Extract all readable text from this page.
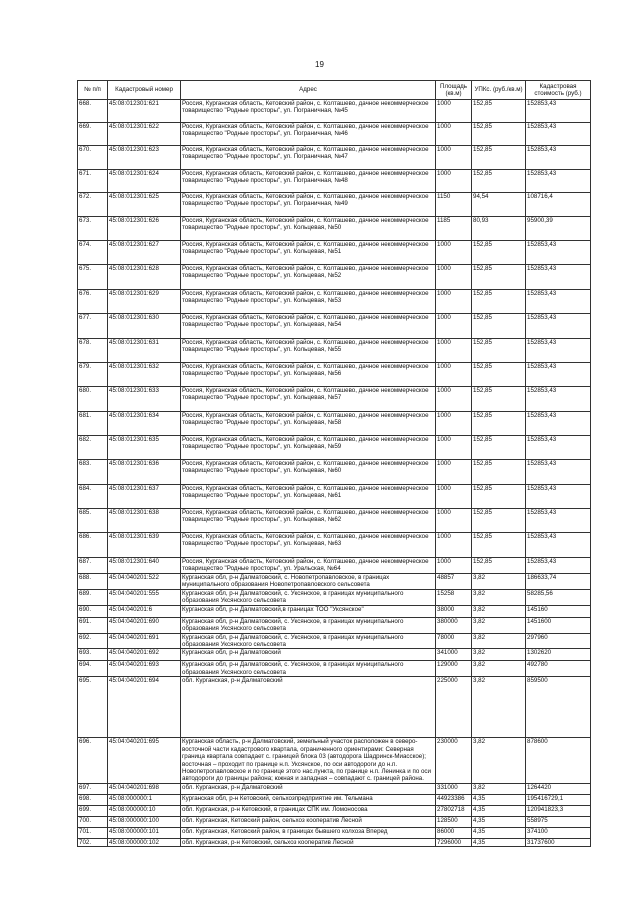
19
№ п/п	Кадастровый номер	Адрес	Площадь (кв.м)	УПКс. (руб./кв.м)	Кадастровая стоимость (руб.)
668.	45:08:012301:621	Россия, Курганская область, Кетовский район, с. Колташево, дачное некоммерческое товарищество "Родные просторы", ул. Пограничная, №45	1000	152,85	152853,43
669.	45:08:012301:622	Россия, Курганская область, Кетовский район, с. Колташево, дачное некоммерческое товарищество "Родные просторы", ул. Пограничная, №46	1000	152,85	152853,43
670.	45:08:012301:623	Россия, Курганская область, Кетовский район, с. Колташево, дачное некоммерческое товарищество "Родные просторы", ул. Пограничная, №47	1000	152,85	152853,43
671.	45:08:012301:624	Россия, Курганская область, Кетовский район, с. Колташево, дачное некоммерческое товарищество "Родные просторы", ул. Пограничная, №48	1000	152,85	152853,43
672.	45:08:012301:625	Россия, Курганская область, Кетовский район, с. Колташево, дачное некоммерческое товарищество "Родные просторы", ул. Пограничная, №49	1150	94,54	108716,4
673.	45:08:012301:626	Россия, Курганская область, Кетовский район, с. Колташево, дачное некоммерческое товарищество "Родные просторы", ул. Кольцевая, №50	1185	80,93	95900,39
674.	45:08:012301:627	Россия, Курганская область, Кетовский район, с. Колташево, дачное некоммерческое товарищество "Родные просторы", ул. Кольцевая, №51	1000	152,85	152853,43
675.	45:08:012301:628	Россия, Курганская область, Кетовский район, с. Колташево, дачное некоммерческое товарищество "Родные просторы", ул. Кольцевая, №52	1000	152,85	152853,43
676.	45:08:012301:629	Россия, Курганская область, Кетовский район, с. Колташево, дачное некоммерческое товарищество "Родные просторы", ул. Кольцевая, №53	1000	152,85	152853,43
677.	45:08:012301:630	Россия, Курганская область, Кетовский район, с. Колташево, дачное некоммерческое товарищество "Родные просторы", ул. Кольцевая, №54	1000	152,85	152853,43
678.	45:08:012301:631	Россия, Курганская область, Кетовский район, с. Колташево, дачное некоммерческое товарищество "Родные просторы", ул. Кольцевая, №55	1000	152,85	152853,43
679.	45:08:012301:632	Россия, Курганская область, Кетовский район, с. Колташево, дачное некоммерческое товарищество "Родные просторы", ул. Кольцевая, №56	1000	152,85	152853,43
680.	45:08:012301:633	Россия, Курганская область, Кетовский район, с. Колташево, дачное некоммерческое товарищество "Родные просторы", ул. Кольцевая, №57	1000	152,85	152853,43
681.	45:08:012301:634	Россия, Курганская область, Кетовский район, с. Колташево, дачное некоммерческое товарищество "Родные просторы", ул. Кольцевая, №58	1000	152,85	152853,43
682.	45:08:012301:635	Россия, Курганская область, Кетовский район, с. Колташево, дачное некоммерческое товарищество "Родные просторы", ул. Кольцевая, №59	1000	152,85	152853,43
683.	45:08:012301:636	Россия, Курганская область, Кетовский район, с. Колташево, дачное некоммерческое товарищество "Родные просторы", ул. Кольцевая, №60	1000	152,85	152853,43
684.	45:08:012301:637	Россия, Курганская область, Кетовский район, с. Колташево, дачное некоммерческое товарищество "Родные просторы", ул. Кольцевая, №61	1000	152,85	152853,43
685.	45:08:012301:638	Россия, Курганская область, Кетовский район, с. Колташево, дачное некоммерческое товарищество "Родные просторы", ул. Кольцевая, №62	1000	152,85	152853,43
686.	45:08:012301:639	Россия, Курганская область, Кетовский район, с. Колташево, дачное некоммерческое товарищество "Родные просторы", ул. Кольцевая, №63	1000	152,85	152853,43
687.	45:08:012301:640	Россия, Курганская область, Кетовский район, с. Колташево, дачное некоммерческое товарищество "Родные просторы", ул. Уральская, №64	1000	152,85	152853,43
688.	45:04:040201:522	Курганская обл, р-н Далматовский, с. Новопетропавловское, в границах муниципального образования Новопетропавловского сельсовета	48857	3,82	186633,74
689.	45:04:040201:555	Курганская обл, р-н Далматовский, с. Уксянское, в границах муниципального образования Уксянского сельсовета	15258	3,82	58285,56
690.	45:04:040201:6	Курганская обл, р-н Далматовский,в границах ТОО "Уксянское"	38000	3,82	145160
691.	45:04:040201:690	Курганская обл, р-н Далматовский, с. Уксянское, в границах муниципального образования Уксянского сельсовета	380000	3,82	1451600
692.	45:04:040201:691	Курганская обл, р-н Далматовский, с. Уксянское, в границах муниципального образования Уксянского сельсовета	78000	3,82	297960
693.	45:04:040201:692	Курганская обл, р-н Далматовский	341000	3,82	1302620
694.	45:04:040201:693	Курганская обл, р-н Далматовский, с. Уксянское, в границах муниципального образования Уксянского сельсовета	129000	3,82	492780
695.	45:04:040201:694	обл. Курганская, р-н Далматовский	225000	3,82	859500
696.	45:04:040201:695	Курганская область, р-н Далматовский, земельный участок расположен в северо-восточной части кадастрового квартала, ограниченного ориентирами: Северная граница квартала совпадает с. границей блока 03 (автодорога Шадринск-Миасское); восточная – проходит по границе н.п. Уксянское, по оси автодороги до н.п. Новопетропавловское и по границе этого нас.пункта, по границе н.п. Ленинка и по оси автодороги до границы района; южная и западная – совпадают с. границей района.	230000	3,82	878600
697.	45:04:040201:698	обл. Курганская, р-н Далматовский	331000	3,82	1264420
698.	45:08:000000:1	Курганская обл, р-н Кетовский, сельхозпредприятие им. Тельмана	44923386	4,35	195416729,1
699.	45:08:000000:10	обл. Курганская, р-н Кетовский, в границах СПК им. Ломоносова	27802718	4,35	120941823,3
700.	45:08:000000:100	обл. Курганская, Кетовский район, сельхоз кооператив Лесной	128500	4,35	558975
701.	45:08:000000:101	обл. Курганская, Кетовский район, в границах бывшего колхоза Вперед	86000	4,35	374100
702.	45:08:000000:102	обл. Курганская, р-н Кетовский, сельхоз кооператив Лесной	7296000	4,35	31737600
